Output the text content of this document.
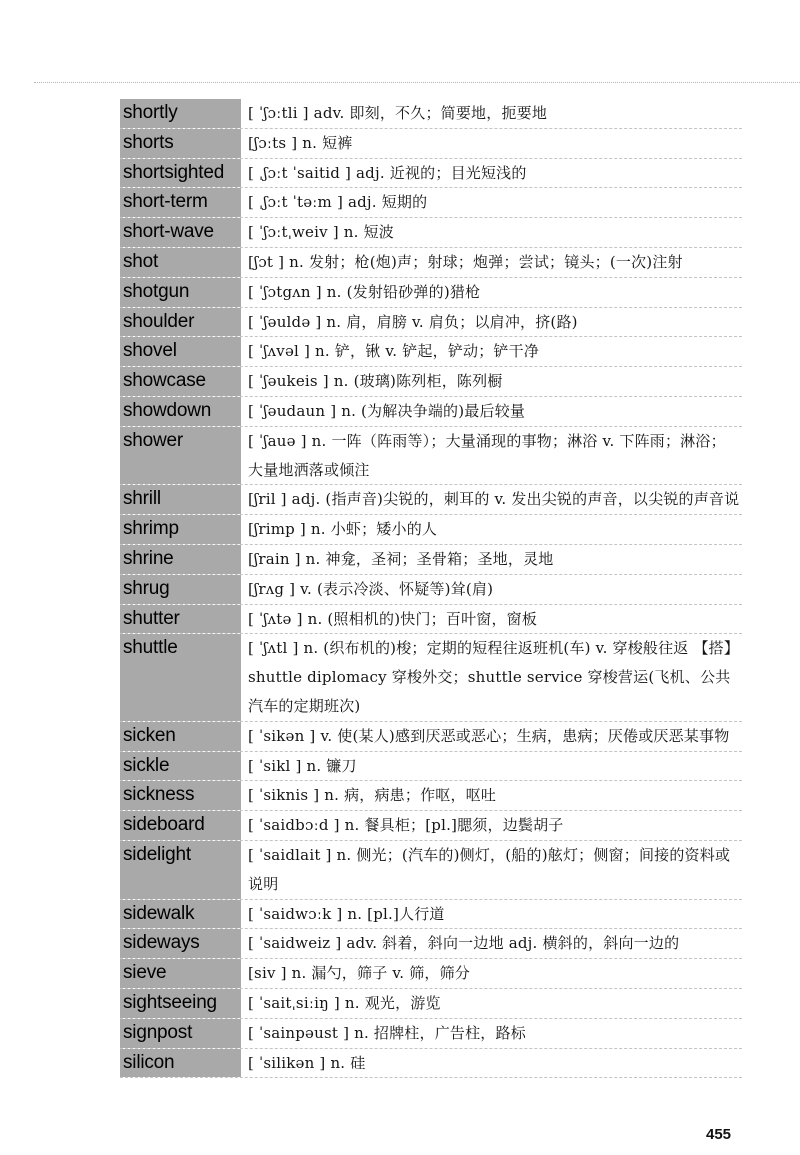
shortly	[ ˈʃɔːtli ] adv. 即刻，不久；简要地，扼要地
shorts	[ʃɔːts ] n. 短裤
shortsighted	[ ˌʃɔːt ˈsaitid ] adj. 近视的；目光短浅的
short-term	[ ˌʃɔːt ˈtəːm ] adj. 短期的
short-wave	[ ˈʃɔːtˌweiv ] n. 短波
shot	[ʃɔt ] n. 发射；枪(炮)声；射球；炮弹；尝试；镜头；(一次)注射
shotgun	[ ˈʃɔtgʌn ] n. (发射铅砂弹的)猎枪
shoulder	[ ˈʃəuldə ] n. 肩，肩膀 v. 肩负；以肩冲，挤(路)
shovel	[ ˈʃʌvəl ] n. 铲，锹 v. 铲起，铲动；铲干净
showcase	[ ˈʃəukeis ] n. (玻璃)陈列柜，陈列橱
showdown	[ ˈʃəudaun ] n. (为解决争端的)最后较量
shower	[ ˈʃauə ] n. 一阵（阵雨等）；大量涌现的事物；淋浴 v. 下阵雨；淋浴；大量地洒落或倾注
shrill	[ʃril ] adj. (指声音)尖锐的，刺耳的 v. 发出尖锐的声音，以尖锐的声音说
shrimp	[ʃrimp ] n. 小虾；矮小的人
shrine	[ʃrain ] n. 神龛，圣祠；圣骨箱；圣地，灵地
shrug	[ʃrʌg ] v. (表示冷淡、怀疑等)耸(肩)
shutter	[ ˈʃʌtə ] n. (照相机的)快门；百叶窗，窗板
shuttle	[ ˈʃʌtl ] n. (织布机的)梭；定期的短程往返班机(车) v. 穿梭般往返 【搭】shuttle diplomacy 穿梭外交；shuttle service 穿梭营运(飞机、公共汽车的定期班次)
sicken	[ ˈsikən ] v. 使(某人)感到厌恶或恶心；生病，患病；厌倦或厌恶某事物
sickle	[ ˈsikl ] n. 镰刀
sickness	[ ˈsiknis ] n. 病，病患；作呕，呕吐
sideboard	[ ˈsaidbɔːd ] n. 餐具柜；[pl.]腮须，边鬓胡子
sidelight	[ ˈsaidlait ] n. 侧光；(汽车的)侧灯，(船的)舷灯；侧窗；间接的资料或说明
sidewalk	[ ˈsaidwɔːk ] n. [pl.]人行道
sideways	[ ˈsaidweiz ] adv. 斜着，斜向一边地 adj. 横斜的，斜向一边的
sieve	[siv ] n. 漏勺，筛子 v. 筛，筛分
sightseeing	[ ˈsaitˌsiːiŋ ] n. 观光，游览
signpost	[ ˈsainpəust ] n. 招牌柱，广告柱，路标
silicon	[ ˈsilikən ] n. 硅
455
